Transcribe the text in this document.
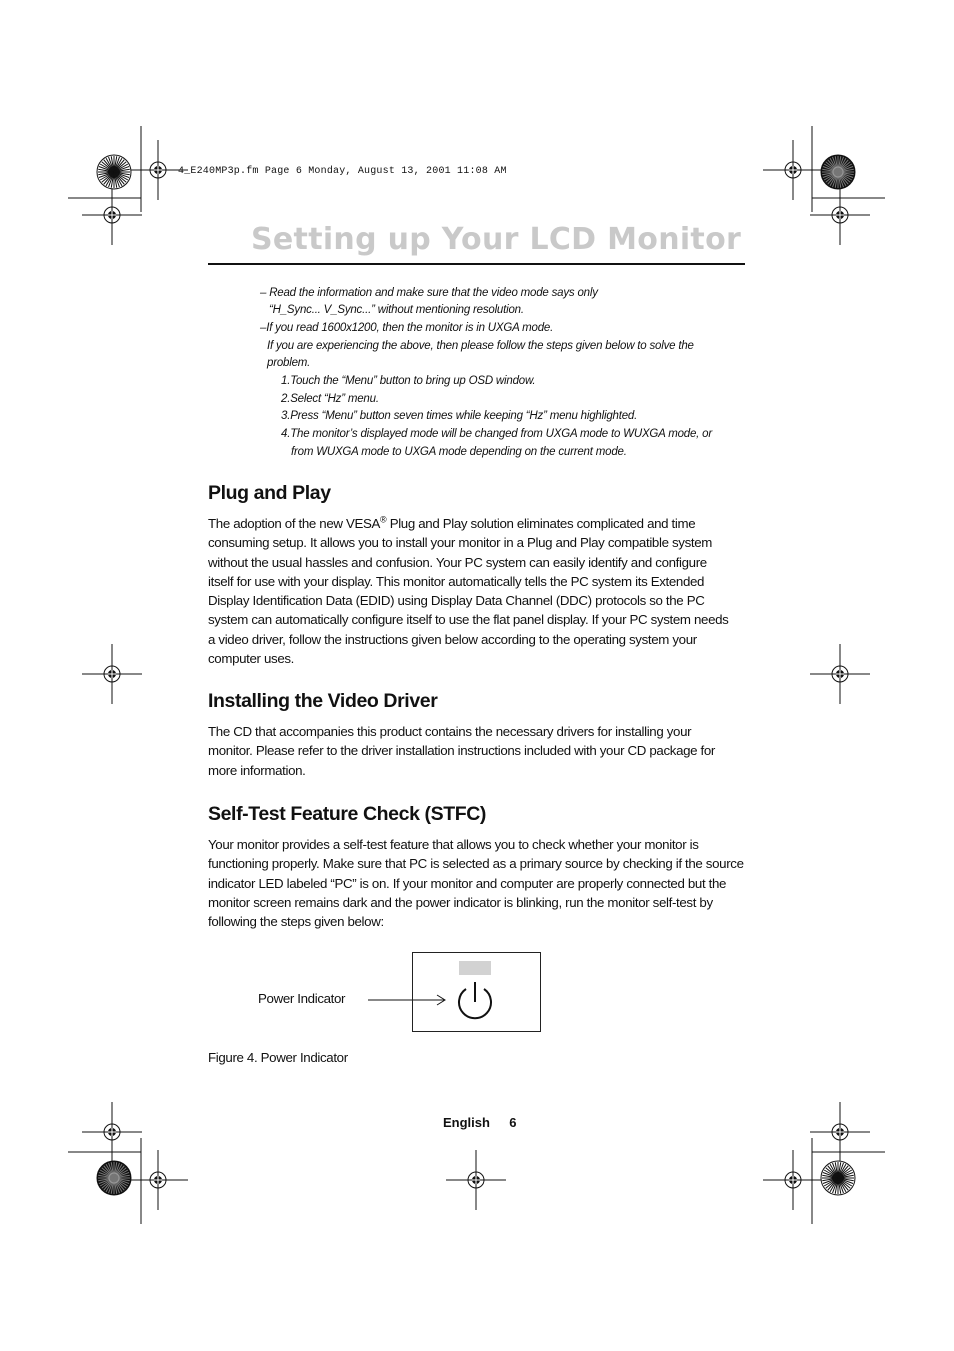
4_E240MP3p.fm Page 6 Monday, August 13, 2001 11:08 AM
Setting up Your LCD Monitor
– Read the information and make sure that the video mode says only
“H_Sync... V_Sync...” without mentioning resolution.
–If you read 1600x1200, then the monitor is in UXGA mode.
If you are experiencing the above, then please follow the steps given below to solve the
problem.
1.Touch the “Menu” button to bring up OSD window.
2.Select “Hz” menu.
3.Press “Menu” button seven times while keeping “Hz” menu highlighted.
4.The monitor’s displayed mode will be changed from UXGA mode to WUXGA mode, or
from WUXGA mode to UXGA mode depending on the current mode.
Plug and Play
The adoption of the new VESA® Plug and Play solution eliminates complicated and time
consuming setup. It allows you to install your monitor in a Plug and Play compatible system
without the usual hassles and confusion. Your PC system can easily identify and configure
itself for use with your display. This monitor automatically tells the PC system its Extended
Display Identification Data (EDID) using Display Data Channel (DDC) protocols so the PC
system can automatically configure itself to use the flat panel display. If your PC system needs
a video driver, follow the instructions given below according to the operating system your
computer uses.
Installing the Video Driver
The CD that accompanies this product contains the necessary drivers for installing your
monitor. Please refer to the driver installation instructions included with your CD package for
more information.
Self-Test Feature Check (STFC)
Your monitor provides a self-test feature that allows you to check whether your monitor is
functioning properly. Make sure that PC is selected as a primary source by checking if the source
indicator LED labeled “PC” is on. If your monitor and computer are properly connected but the
monitor screen remains dark and the power indicator is blinking, run the monitor self-test by
following the steps given below:
Power Indicator
Figure 4. Power Indicator
English 6
